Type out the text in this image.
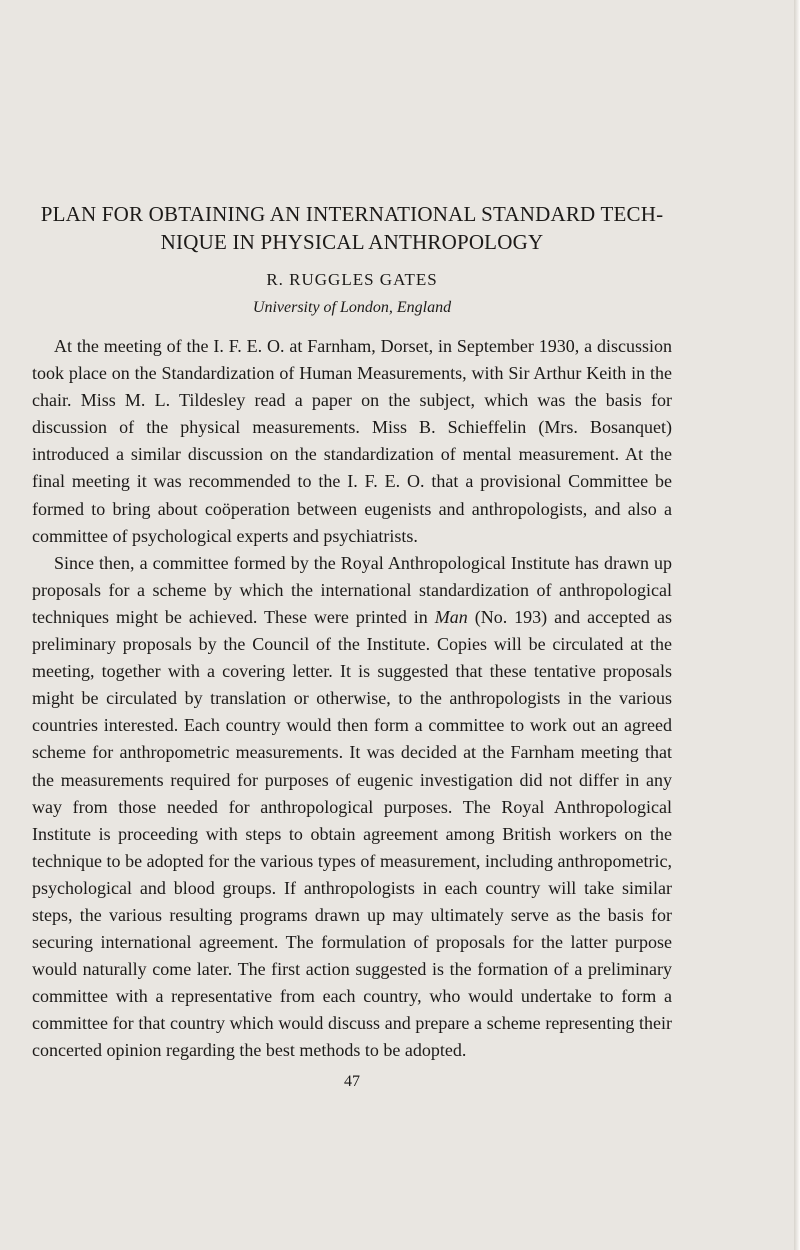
PLAN FOR OBTAINING AN INTERNATIONAL STANDARD TECH-
NIQUE IN PHYSICAL ANTHROPOLOGY
R. RUGGLES GATES
University of London, England

At the meeting of the I. F. E. O. at Farnham, Dorset, in September 1930, a discussion took place on the Standardization of Human Measurements, with Sir Arthur Keith in the chair. Miss M. L. Tildesley read a paper on the subject, which was the basis for discussion of the physical measurements. Miss B. Schieffelin (Mrs. Bosanquet) introduced a similar discussion on the standardization of mental measurement. At the final meeting it was recommended to the I. F. E. O. that a provisional Committee be formed to bring about coöperation between eugenists and anthropologists, and also a committee of psychological experts and psychiatrists.

Since then, a committee formed by the Royal Anthropological Institute has drawn up proposals for a scheme by which the international standardization of anthropological techniques might be achieved. These were printed in Man (No. 193) and accepted as preliminary proposals by the Council of the Institute. Copies will be circulated at the meeting, together with a covering letter. It is suggested that these tentative proposals might be circulated by translation or otherwise, to the anthropologists in the various countries interested. Each country would then form a committee to work out an agreed scheme for anthropometric measurements. It was decided at the Farnham meeting that the measurements required for purposes of eugenic investigation did not differ in any way from those needed for anthropological purposes. The Royal Anthropological Institute is proceeding with steps to obtain agreement among British workers on the technique to be adopted for the various types of measurement, including anthropometric, psychological and blood groups. If anthropologists in each country will take similar steps, the various resulting programs drawn up may ultimately serve as the basis for securing international agreement. The formulation of proposals for the latter purpose would naturally come later. The first action suggested is the formation of a preliminary committee with a representative from each country, who would undertake to form a committee for that country which would discuss and prepare a scheme representing their concerted opinion regarding the best methods to be adopted.

47
